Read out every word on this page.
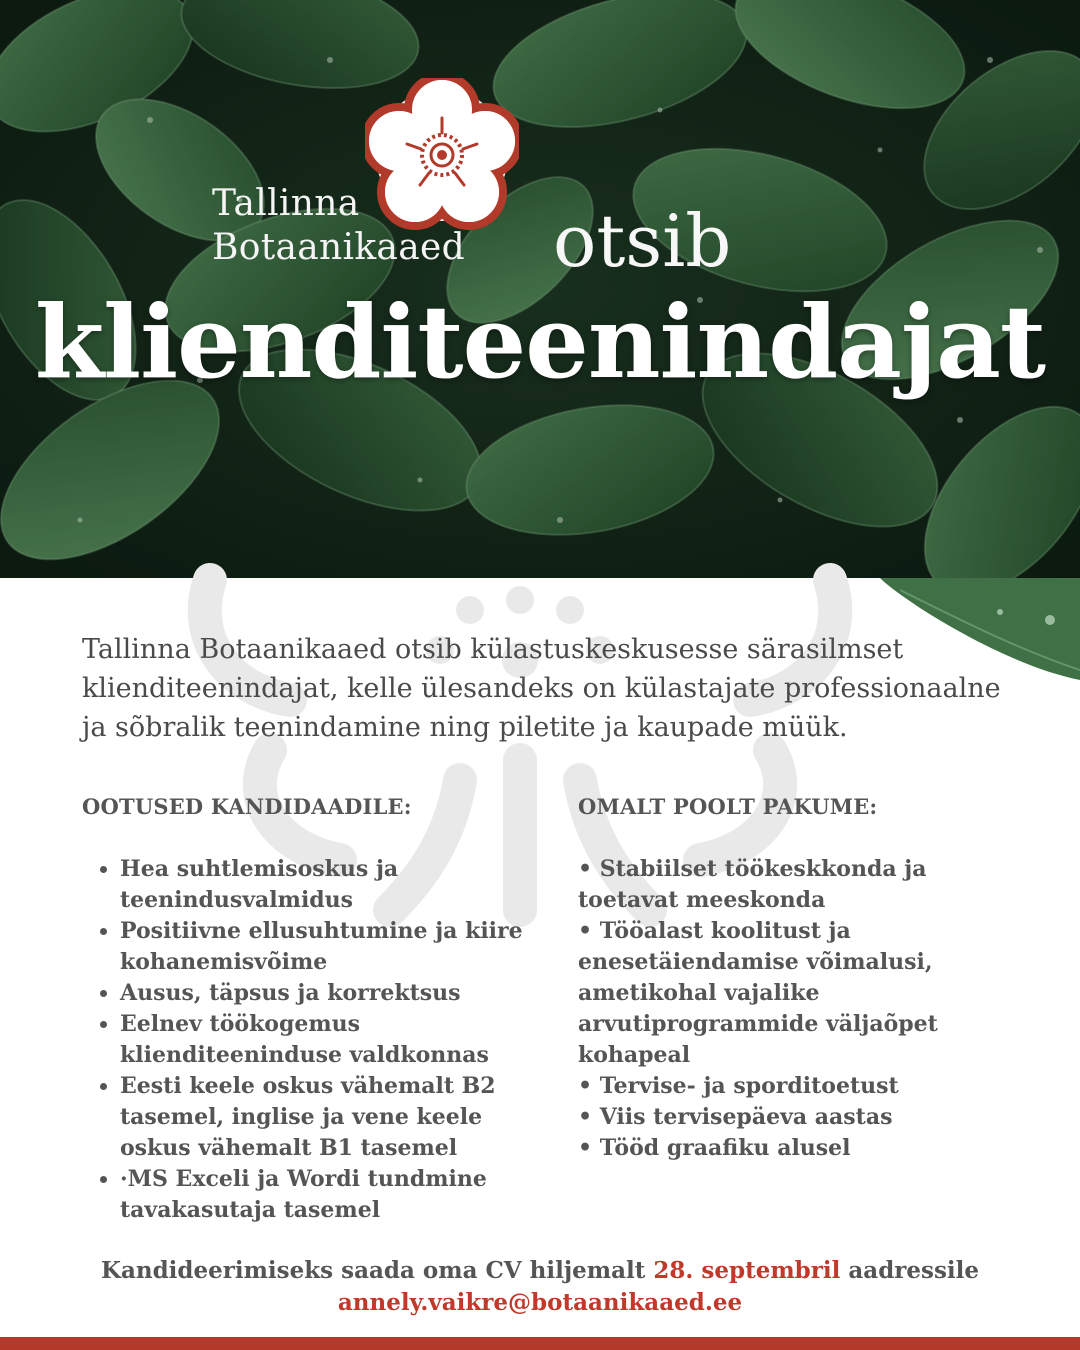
Tallinna
Botaanikaaed otsib
klienditeenindajat
Tallinna Botaanikaaed otsib külastuskeskusesse särasilmset klienditeenindajat, kelle ülesandeks on külastajate professionaalne ja sõbralik teenindamine ning piletite ja kaupade müük.
OOTUSED KANDIDAADILE:	OMALT POOLT PAKUME:
• Hea suhtlemisoskus ja teenindusvalmidus
• Positiivne ellusuhtumine ja kiire kohanemisvõime
• Ausus, täpsus ja korrektsus
• Eelnev töökogemus klienditeeninduse valdkonnas
• Eesti keele oskus vähemalt B2 tasemel, inglise ja vene keele oskus vähemalt B1 tasemel
• ·MS Exceli ja Wordi tundmine tavakasutaja tasemel
• Stabiilset töökeskkonda ja toetavat meeskonda
• Tööalast koolitust ja enesetäiendamise võimalusi, ametikohal vajalike arvutiprogrammide väljaõpet kohapeal
• Tervise- ja sporditoetust
• Viis tervisepäeva aastas
• Tööd graafiku alusel
Kandideerimiseks saada oma CV hiljemalt 28. septembril aadressile
annely.vaikre@botaanikaaed.ee
